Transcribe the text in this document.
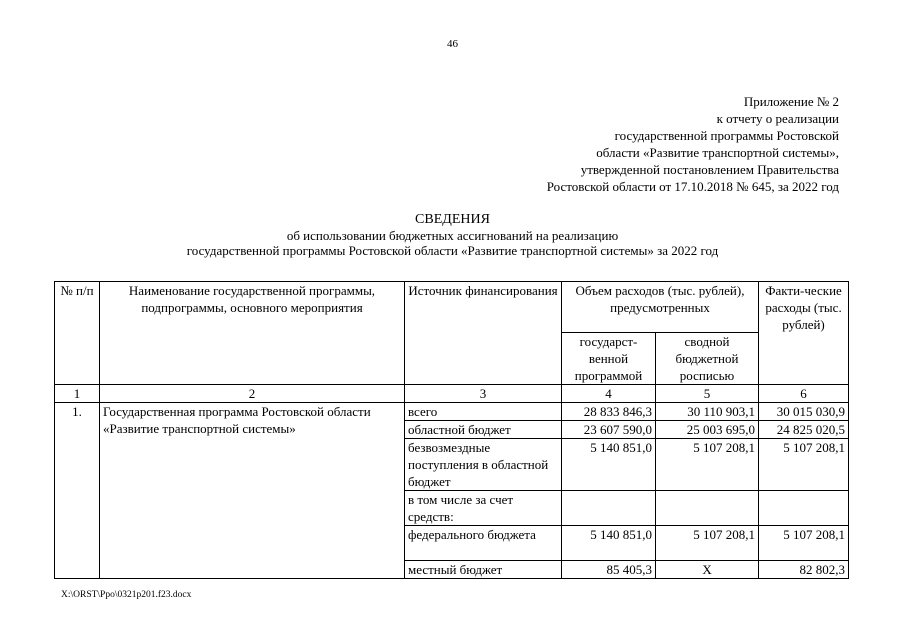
46
Приложение № 2
к отчету о реализации
государственной программы Ростовской
области «Развитие транспортной системы»,
утвержденной постановлением Правительства
Ростовской области от 17.10.2018 № 645, за 2022 год
СВЕДЕНИЯ
об использовании бюджетных ассигнований на реализацию
государственной программы Ростовской области «Развитие транспортной системы» за 2022 год
№ п/п	Наименование государственной программы, подпрограммы, основного мероприятия	Источник финансирования	Объем расходов (тыс. рублей), предусмотренных		Факти-ческие расходы (тыс. рублей)
			государст-венной программой	сводной бюджетной росписью	
1	2	3	4	5	6
1.	Государственная программа Ростовской области «Развитие транспортной системы»	всего	28 833 846,3	30 110 903,1	30 015 030,9
		областной бюджет	23 607 590,0	25 003 695,0	24 825 020,5
		безвозмездные поступления в областной бюджет	5 140 851,0	5 107 208,1	5 107 208,1
		в том числе за счет средств:			
		федерального бюджета	5 140 851,0	5 107 208,1	5 107 208,1
		местный бюджет	85 405,3	Х	82 802,3
X:\ORST\Ppo\0321p201.f23.docx
